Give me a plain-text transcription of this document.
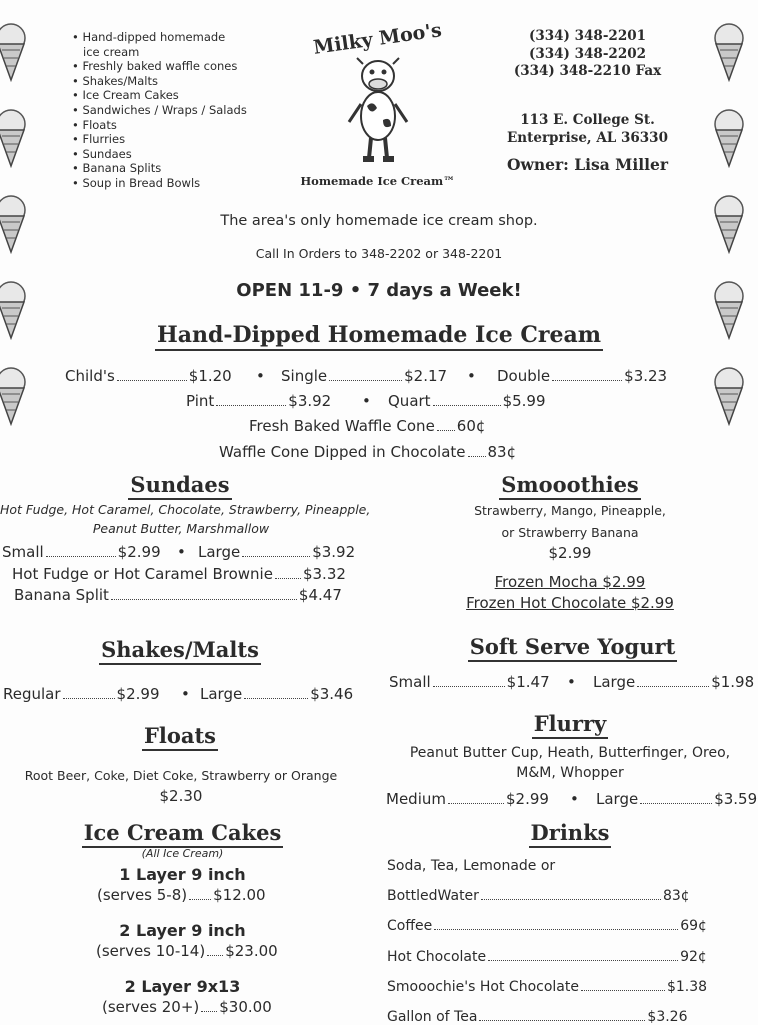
• Hand-dipped homemade
ice cream
• Freshly baked waffle cones
• Shakes/Malts
• Ice Cream Cakes
• Sandwiches / Wraps / Salads
• Floats
• Flurries
• Sundaes
• Banana Splits
• Soup in Bread Bowls
Milky Moo's
Homemade Ice Cream™
(334) 348-2201
(334) 348-2202
(334) 348-2210 Fax
113 E. College St.
Enterprise, AL 36330
Owner: Lisa Miller
The area's only homemade ice cream shop.
Call In Orders to 348-2202 or 348-2201
OPEN 11-9 • 7 days a Week!
Hand-Dipped Homemade Ice Cream
Child's	$1.20 • Single	$2.17 • Double	$3.23
Pint	$3.92 • Quart	$5.99
Fresh Baked Waffle Cone 60¢
Waffle Cone Dipped in Chocolate 83¢
Sundaes
Hot Fudge, Hot Caramel, Chocolate, Strawberry, Pineapple,
Peanut Butter, Marshmallow
Small	$2.99 • Large	$3.92
Hot Fudge or Hot Caramel Brownie $3.32
Banana Split	$4.47
Smooothies
Strawberry, Mango, Pineapple,
or Strawberry Banana
$2.99
Frozen Mocha $2.99
Frozen Hot Chocolate $2.99
Shakes/Malts
Regular	$2.99 • Large	$3.46
Soft Serve Yogurt
Small	$1.47 • Large	$1.98
Floats
Root Beer, Coke, Diet Coke, Strawberry or Orange
$2.30
Flurry
Peanut Butter Cup, Heath, Butterfinger, Oreo,
M&M, Whopper
Medium	$2.99 • Large	$3.59
Ice Cream Cakes
(All Ice Cream)
1 Layer 9 inch
(serves 5-8) $12.00
2 Layer 9 inch
(serves 10-14) $23.00
2 Layer 9x13
(serves 20+) $30.00
Drinks
Soda, Tea, Lemonade or
BottledWater	83¢
Coffee	69¢
Hot Chocolate	92¢
Smooochie's Hot Chocolate	$1.38
Gallon of Tea	$3.26
